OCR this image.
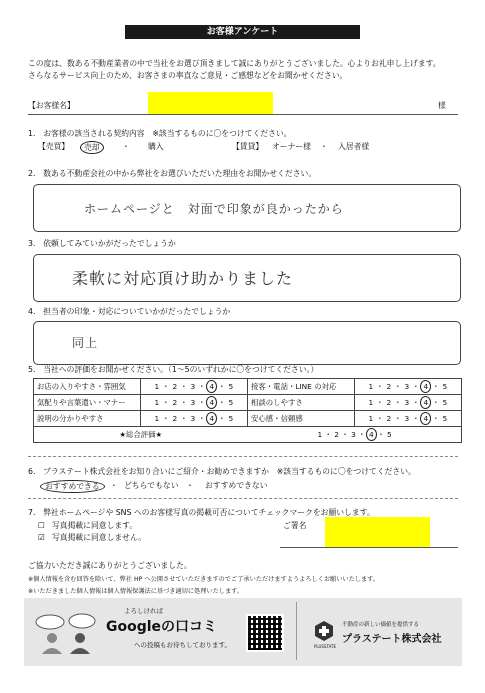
お客様アンケート
この度は、数ある不動産業者の中で当社をお選び頂きまして誠にありがとうございました。心よりお礼申し上げます。
さらなるサービス向上のため、お客さまの率直なご意見・ご感想などをお聞かせください。
【お客様名】	様
1.　お客様の該当される契約内容　※該当するものに〇をつけてください。
【売買】	売却	・ 購入	【賃貸】 オーナー様 ・ 入居者様
2.　数ある不動産会社の中から弊社をお選びいただいた理由をお聞かせください。
ホームページと　対面で印象が良かったから
3.　依頼してみていかがだったでしょうか
柔軟に対応頂け助かりました
4.　担当者の印象・対応についていかがだったでしょうか
同上
5.　当社への評価をお聞かせください。（1〜5のいずれかに〇をつけてください。）
お店の入りやすさ・雰囲気	1 ・ 2 ・ 3 ・ 4 ・ 5	接客・電話・LINE の対応	1 ・ 2 ・ 3 ・ 4 ・ 5
気配りや言葉遣い・マナー	1 ・ 2 ・ 3 ・ 4 ・ 5	相談のしやすさ	1 ・ 2 ・ 3 ・ 4 ・ 5
説明の分かりやすさ	1 ・ 2 ・ 3 ・ 4 ・ 5	安心感・信頼感	1 ・ 2 ・ 3 ・ 4 ・ 5
★総合評価★		1 ・ 2 ・ 3 ・ 4 ・ 5	
6.　プラステート株式会社をお知り合いにご紹介・お勧めできますか　※該当するものに〇をつけてください。
おすすめできる	・ どちらでもない ・ おすすめできない
7.　弊社ホームページや SNS へのお客様写真の掲載可否についてチェックマークをお願いします。
☐ 写真掲載に同意します。
☑ 写真掲載に同意しません。
ご署名
ご協力いただき誠にありがとうございました。
※個人情報を含む回答を除いて、弊社 HP へ公開させていただきますのでご了承いただけますようよろしくお願いいたします。
※いただきました個人情報は個人情報保護法に基づき適切に処理いたします。
よろしければ
Googleの口コミ
への投稿もお待ちしております。	PLUSSTATE
不動産の新しい価値を提供する
プラステート株式会社
